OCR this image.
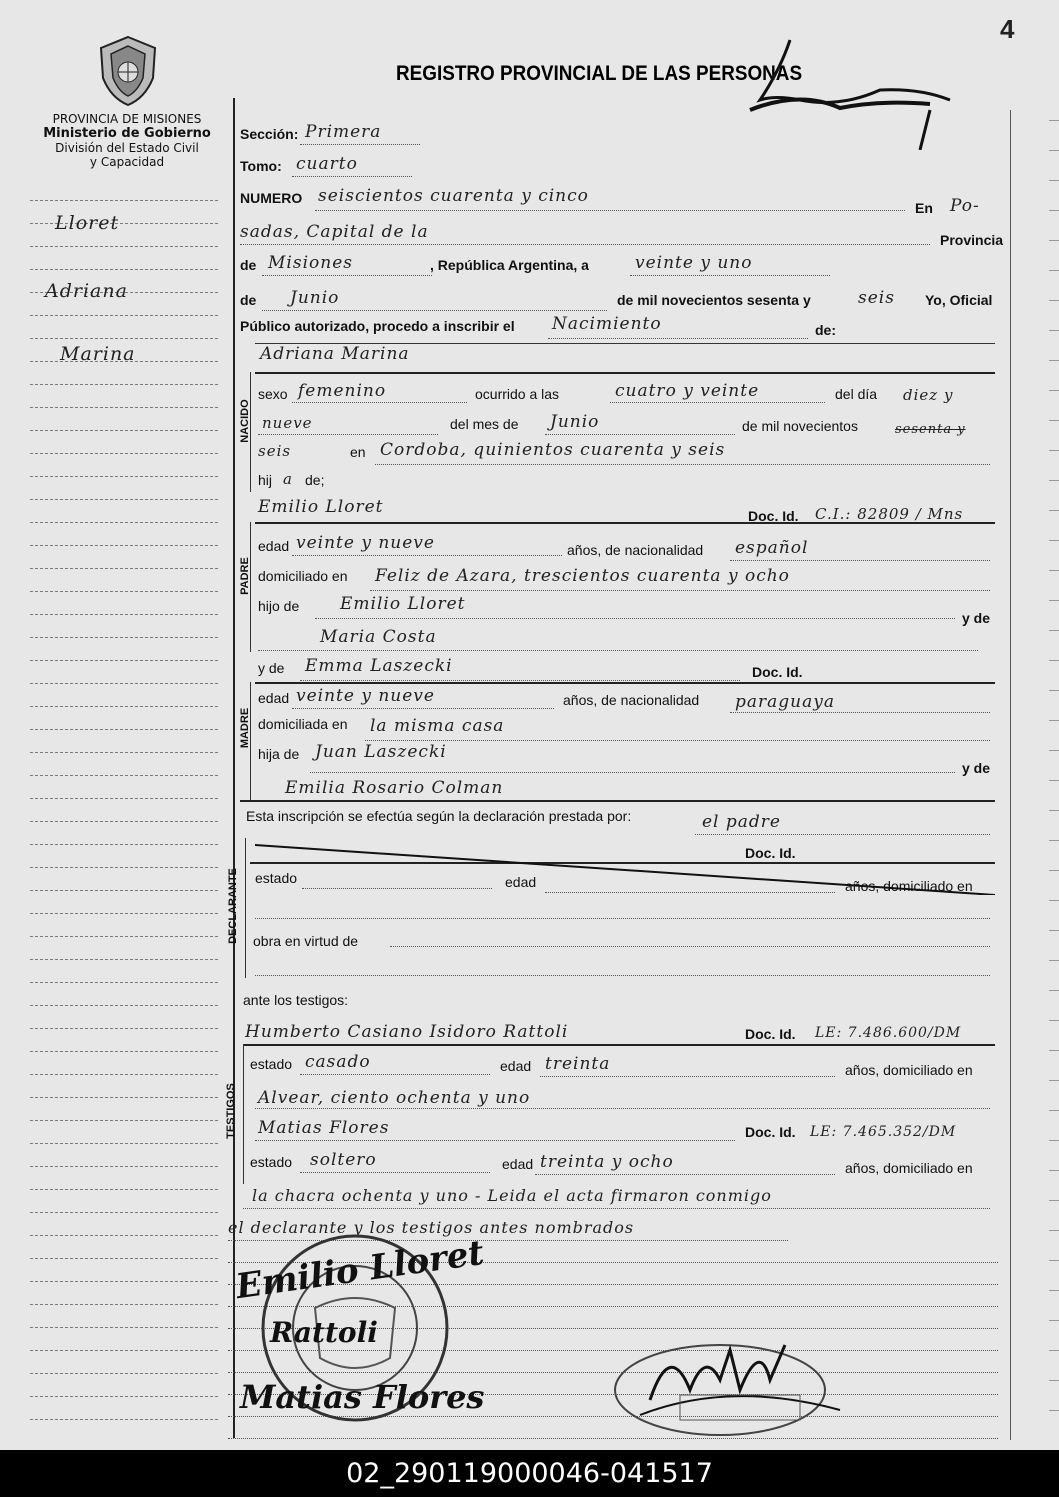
PROVINCIA DE MISIONES
Ministerio de Gobierno
División del Estado Civil
y Capacidad
REGISTRO PROVINCIAL DE LAS PERSONAS
4
Lloret
Adriana
Marina
Sección: Primera
Tomo: cuarto
NUMERO seiscientos cuarenta y cinco
En Po-
sadas, Capital de la	Provincia
de Misiones	, República Argentina, a	veinte y uno
de Junio	de mil novecientos sesenta y	seis Yo, Oficial
Público autorizado, procedo a inscribir el Nacimiento	de:
Adriana Marina
NACIDO
sexo femenino	ocurrido a las	cuatro y veinte	del día diez y
nueve	del mes de Junio	de mil novecientos	sesenta y
seis	en Cordoba, quinientos cuarenta y seis
hij a de;
Emilio Lloret	Doc. Id. C.I.: 82809 / Mns
PADRE
edad veinte y nueve	años, de nacionalidad español
domiciliado en Feliz de Azara, trescientos cuarenta y ocho
hijo de Emilio Lloret
y de
Maria Costa
y de Emma Laszecki	Doc. Id.
MADRE
edad veinte y nueve	años, de nacionalidad paraguaya
domiciliada en la misma casa
hija de Juan Laszecki
y de
Emilia Rosario Colman
Esta inscripción se efectúa según la declaración prestada por:	el padre
Doc. Id.
DECLARANTE estado	edad	años, domiciliado en
obra en virtud de
ante los testigos:
Humberto Casiano Isidoro Rattoli	Doc. Id. LE: 7.486.600/DM
TESTIGOS
estado casado	edad treinta	años, domiciliado en
Alvear, ciento ochenta y uno
Matias Flores	Doc. Id. LE: 7.465.352/DM
estado soltero	edad treinta y ocho	años, domiciliado en
la chacra ochenta y uno - Leida el acta firmaron conmigo
el declarante y los testigos antes nombrados
Emilio Lloret
Rattoli
Matias Flores
02_290119000046-041517
